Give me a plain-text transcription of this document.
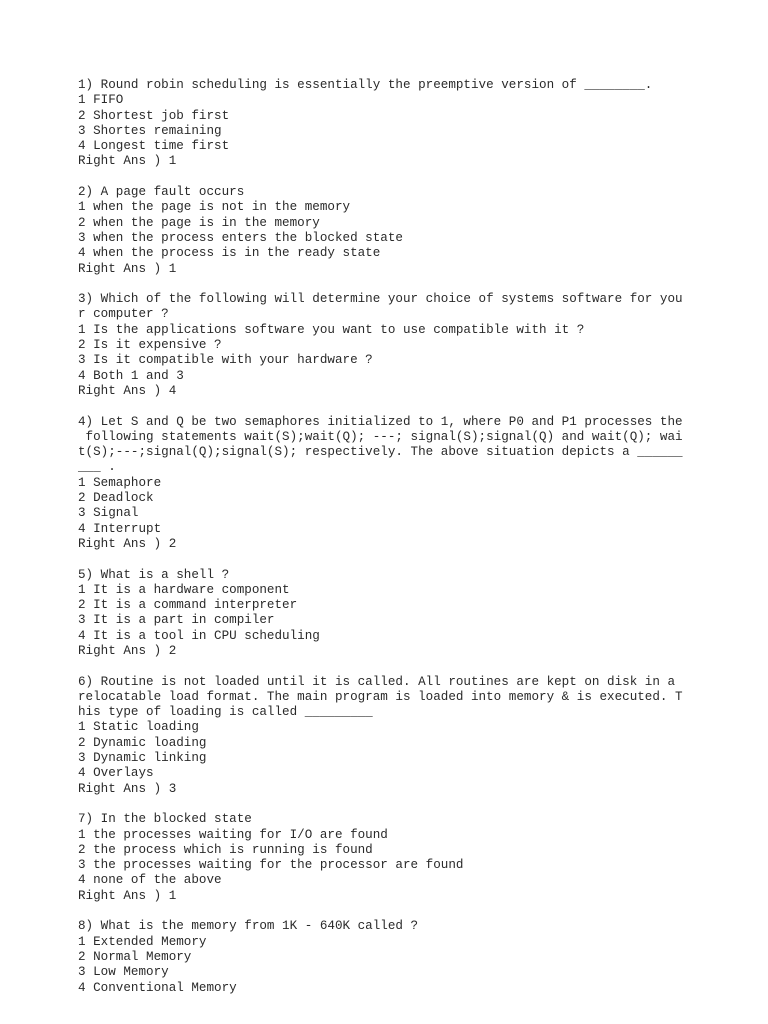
1) Round robin scheduling is essentially the preemptive version of ________.
1 FIFO
2 Shortest job first
3 Shortes remaining
4 Longest time first
Right Ans ) 1
2) A page fault occurs
1 when the page is not in the memory
2 when the page is in the memory
3 when the process enters the blocked state
4 when the process is in the ready state
Right Ans ) 1
3) Which of the following will determine your choice of systems software for you
r computer ?
1 Is the applications software you want to use compatible with it ?
2 Is it expensive ?
3 Is it compatible with your hardware ?
4 Both 1 and 3
Right Ans ) 4
4) Let S and Q be two semaphores initialized to 1, where P0 and P1 processes the
following statements wait(S);wait(Q); ---; signal(S);signal(Q) and wait(Q); wai
t(S);---;signal(Q);signal(S); respectively. The above situation depicts a ______
___ .
1 Semaphore
2 Deadlock
3 Signal
4 Interrupt
Right Ans ) 2
5) What is a shell ?
1 It is a hardware component
2 It is a command interpreter
3 It is a part in compiler
4 It is a tool in CPU scheduling
Right Ans ) 2
6) Routine is not loaded until it is called. All routines are kept on disk in a
relocatable load format. The main program is loaded into memory & is executed. T
his type of loading is called _________
1 Static loading
2 Dynamic loading
3 Dynamic linking
4 Overlays
Right Ans ) 3
7) In the blocked state
1 the processes waiting for I/O are found
2 the process which is running is found
3 the processes waiting for the processor are found
4 none of the above
Right Ans ) 1
8) What is the memory from 1K - 640K called ?
1 Extended Memory
2 Normal Memory
3 Low Memory
4 Conventional Memory
